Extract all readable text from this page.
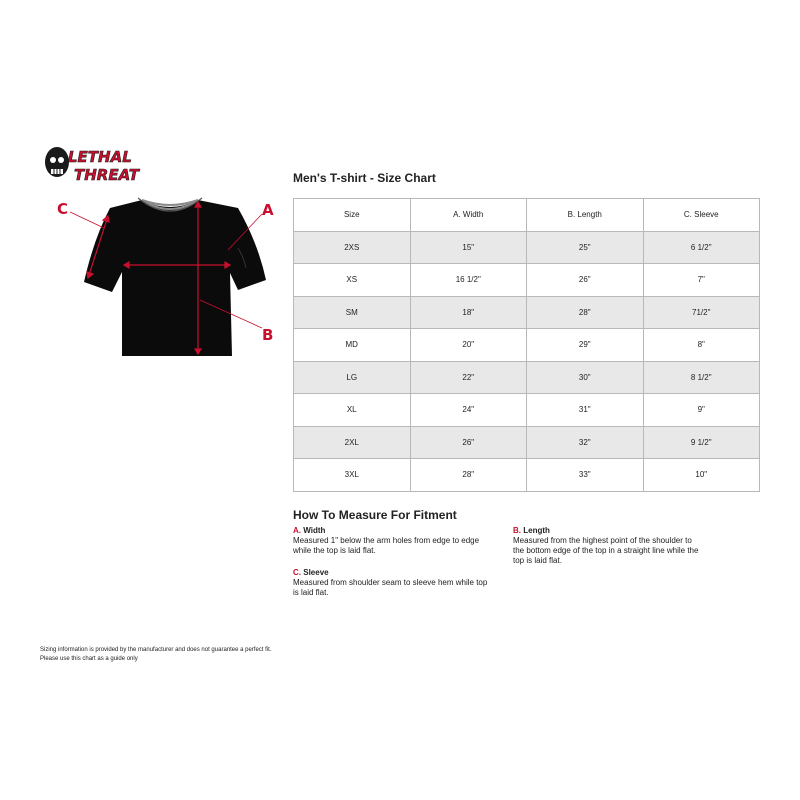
LETHAL
THREAT
A
B
C
Men's T-shirt - Size Chart
Size	A. Width	B. Length	C. Sleeve
2XS	15"	25"	6 1/2"
XS	16 1/2"	26"	7"
SM	18"	28"	71/2"
MD	20"	29"	8"
LG	22"	30"	8 1/2"
XL	24"	31"	9"
2XL	26"	32"	9 1/2"
3XL	28"	33"	10"
How To Measure For Fitment
A. Width
Measured 1" below the arm holes from edge to edge while the top is laid flat.
B. Length
Measured from the highest point of the shoulder to the bottom edge of the top in a straight line while the top is laid flat.
C. Sleeve
Measured from shoulder seam to sleeve hem while top is laid flat.
Sizing information is provided by the manufacturer and does not guarantee a perfect fit.
Please use this chart as a guide only
